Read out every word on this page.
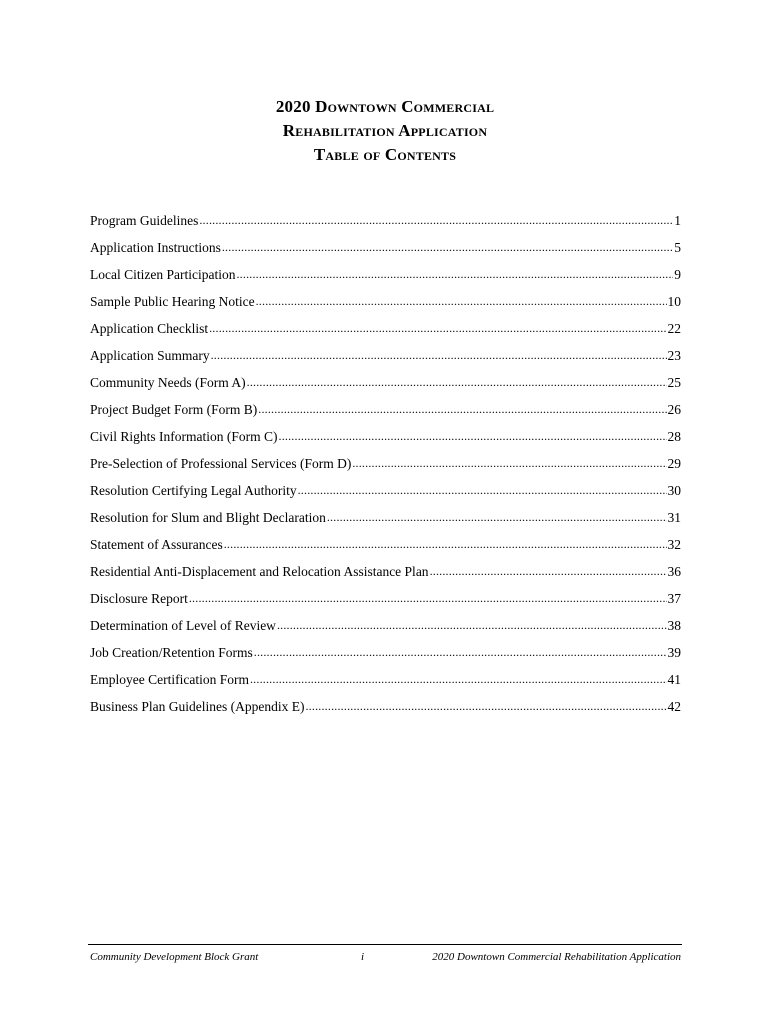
2020 Downtown Commercial
Rehabilitation Application
Table of Contents
Program Guidelines .....	1
Application Instructions .....	5
Local Citizen Participation .....	9
Sample Public Hearing Notice .....	10
Application Checklist .....	22
Application Summary .....	23
Community Needs (Form A) .....	25
Project Budget Form (Form B) .....	26
Civil Rights Information (Form C) .....	28
Pre-Selection of Professional Services (Form D) .....	29
Resolution Certifying Legal Authority .....	30
Resolution for Slum and Blight Declaration .....	31
Statement of Assurances .....	32
Residential Anti-Displacement and Relocation Assistance Plan .....	36
Disclosure Report .....	37
Determination of Level of Review .....	38
Job Creation/Retention Forms .....	39
Employee Certification Form .....	41
Business Plan Guidelines (Appendix E) .....	42
Community Development Block Grant	i	2020 Downtown Commercial Rehabilitation Application
